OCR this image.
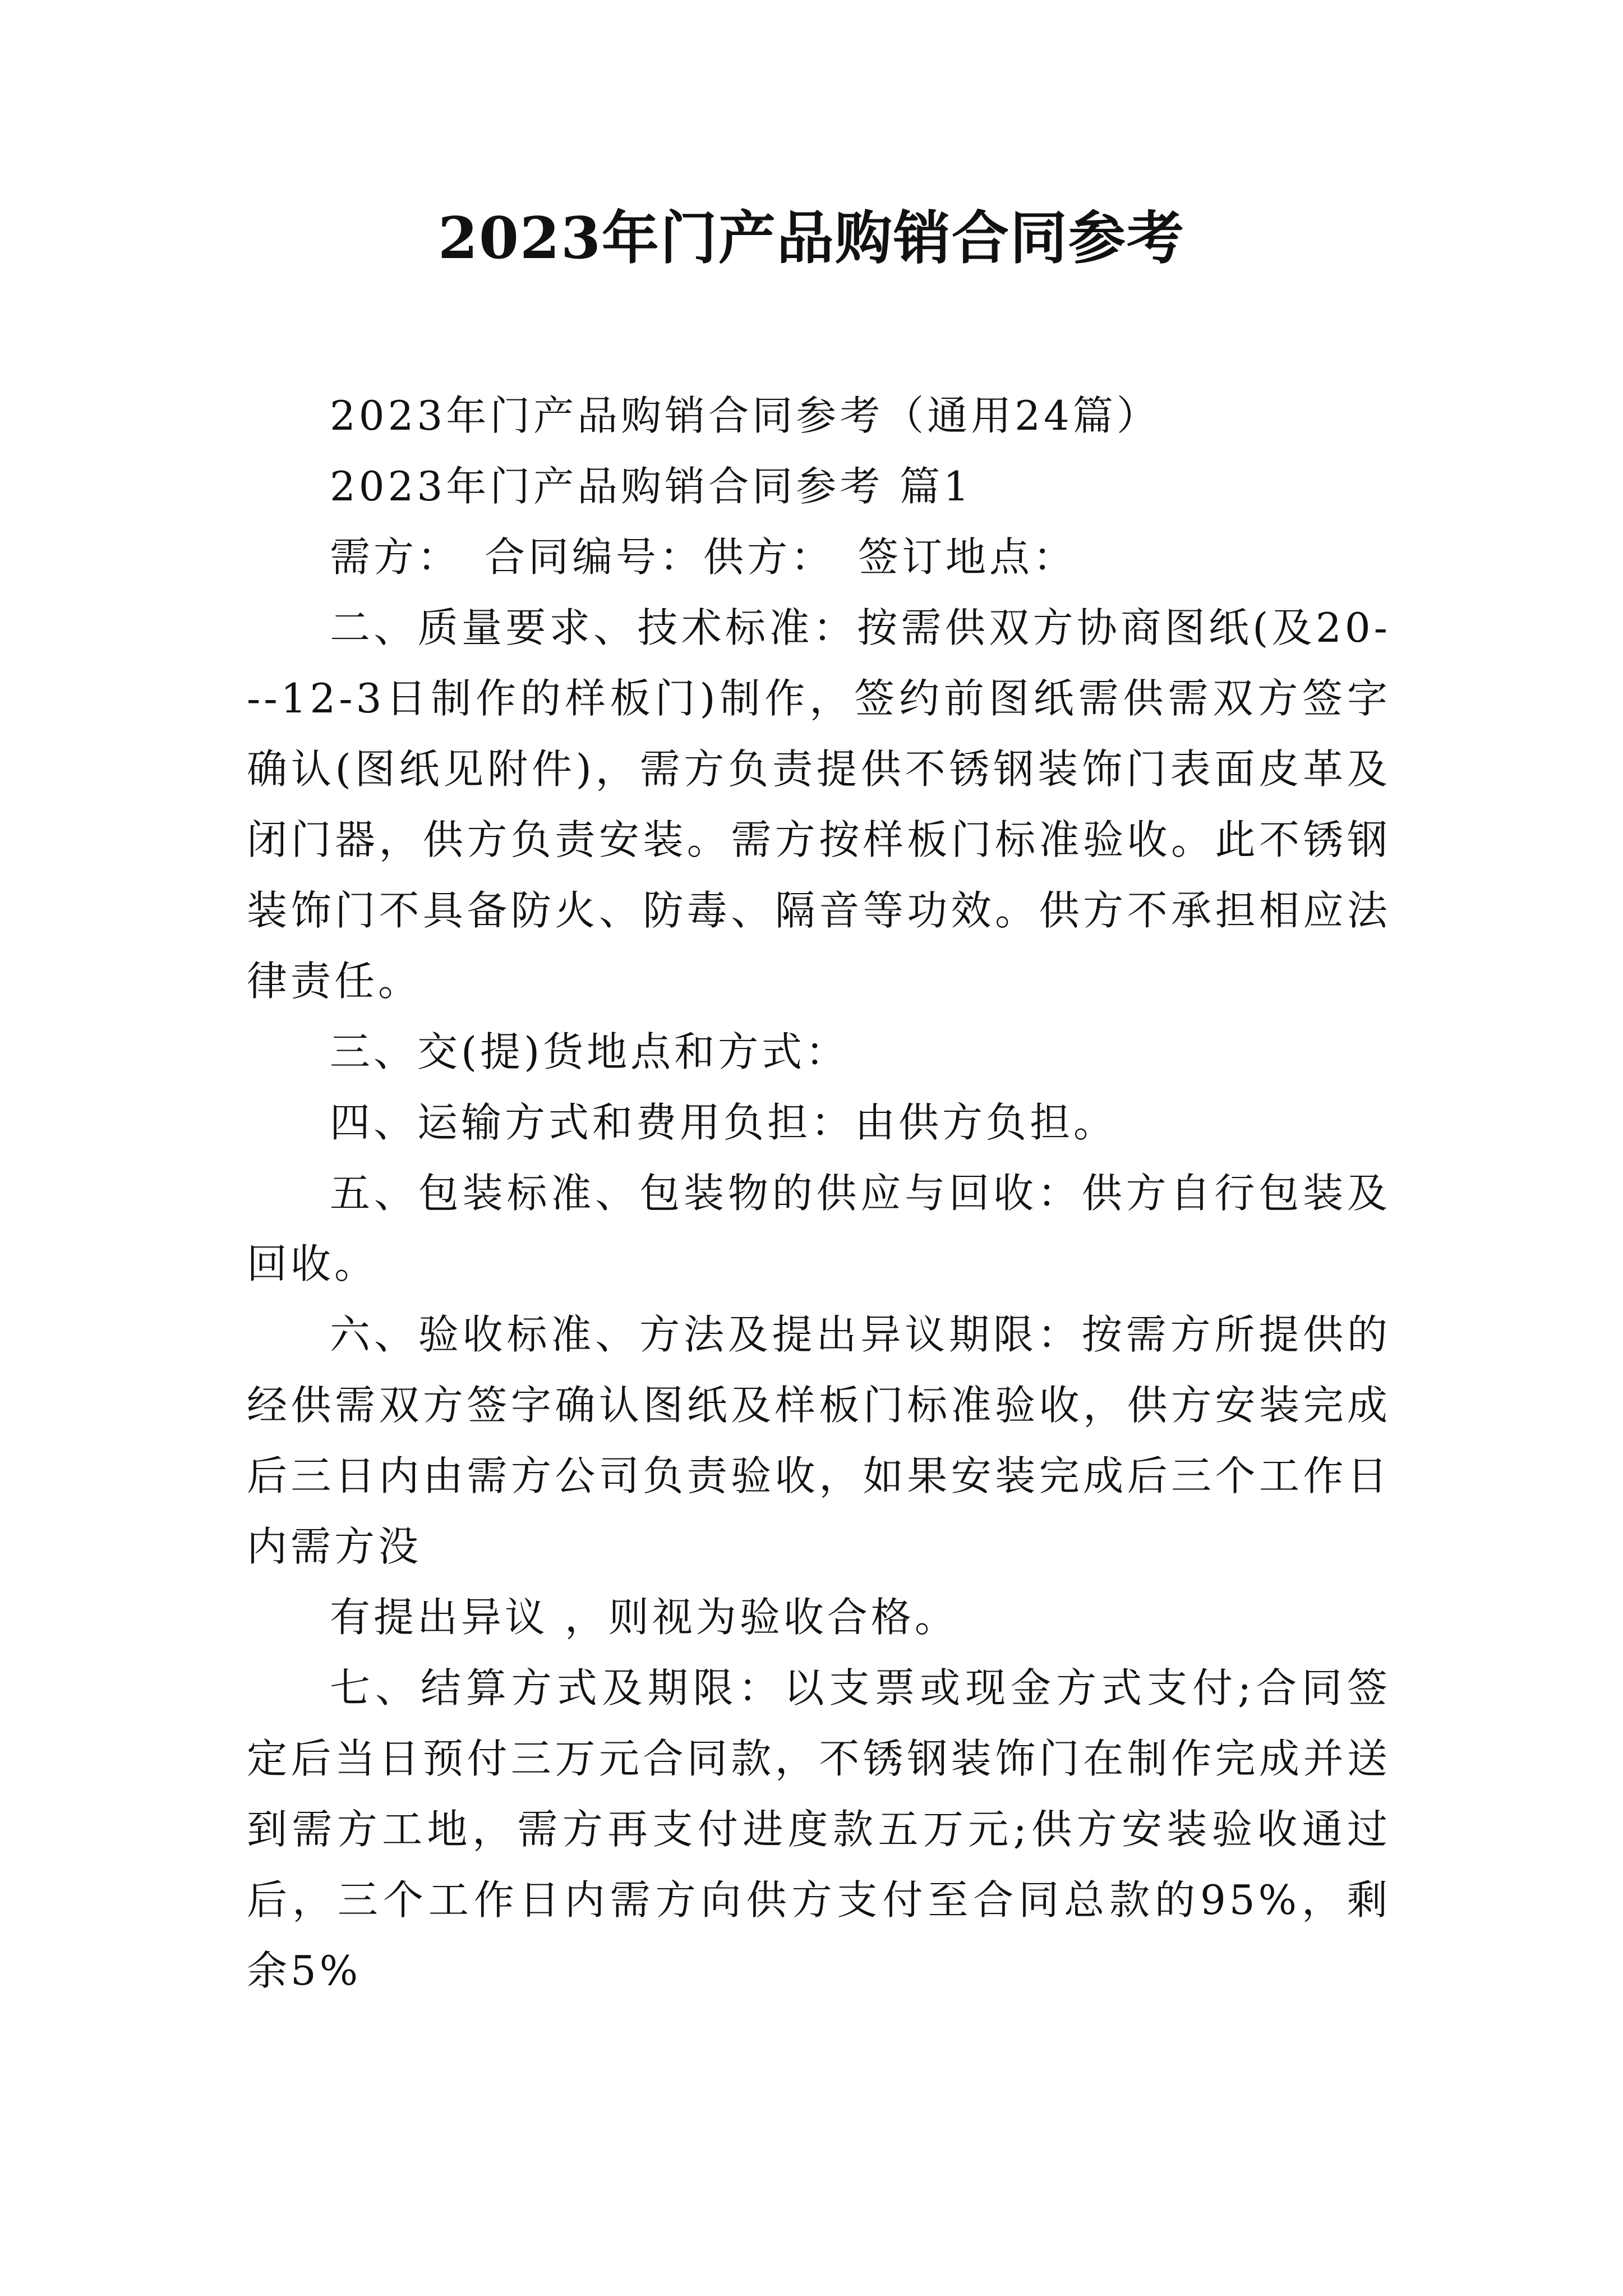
2023年门产品购销合同参考

2023年门产品购销合同参考（通用24篇）

2023年门产品购销合同参考 篇1

需方：　合同编号：供方：　签订地点：

二、质量要求、技术标准：按需供双方协商图纸(及20---12-3日制作的样板门)制作，签约前图纸需供需双方签字确认(图纸见附件)，需方负责提供不锈钢装饰门表面皮革及闭门器，供方负责安装。需方按样板门标准验收。此不锈钢装饰门不具备防火、防毒、隔音等功效。供方不承担相应法律责任。

三、交(提)货地点和方式：

四、运输方式和费用负担：由供方负担。

五、包装标准、包装物的供应与回收：供方自行包装及回收。

六、验收标准、方法及提出异议期限：按需方所提供的经供需双方签字确认图纸及样板门标准验收，供方安装完成后三日内由需方公司负责验收，如果安装完成后三个工作日内需方没

有提出异议 ，则视为验收合格。

七、结算方式及期限：以支票或现金方式支付;合同签定后当日预付三万元合同款，不锈钢装饰门在制作完成并送到需方工地，需方再支付进度款五万元;供方安装验收通过后，三个工作日内需方向供方支付至合同总款的95%，剩余5%
